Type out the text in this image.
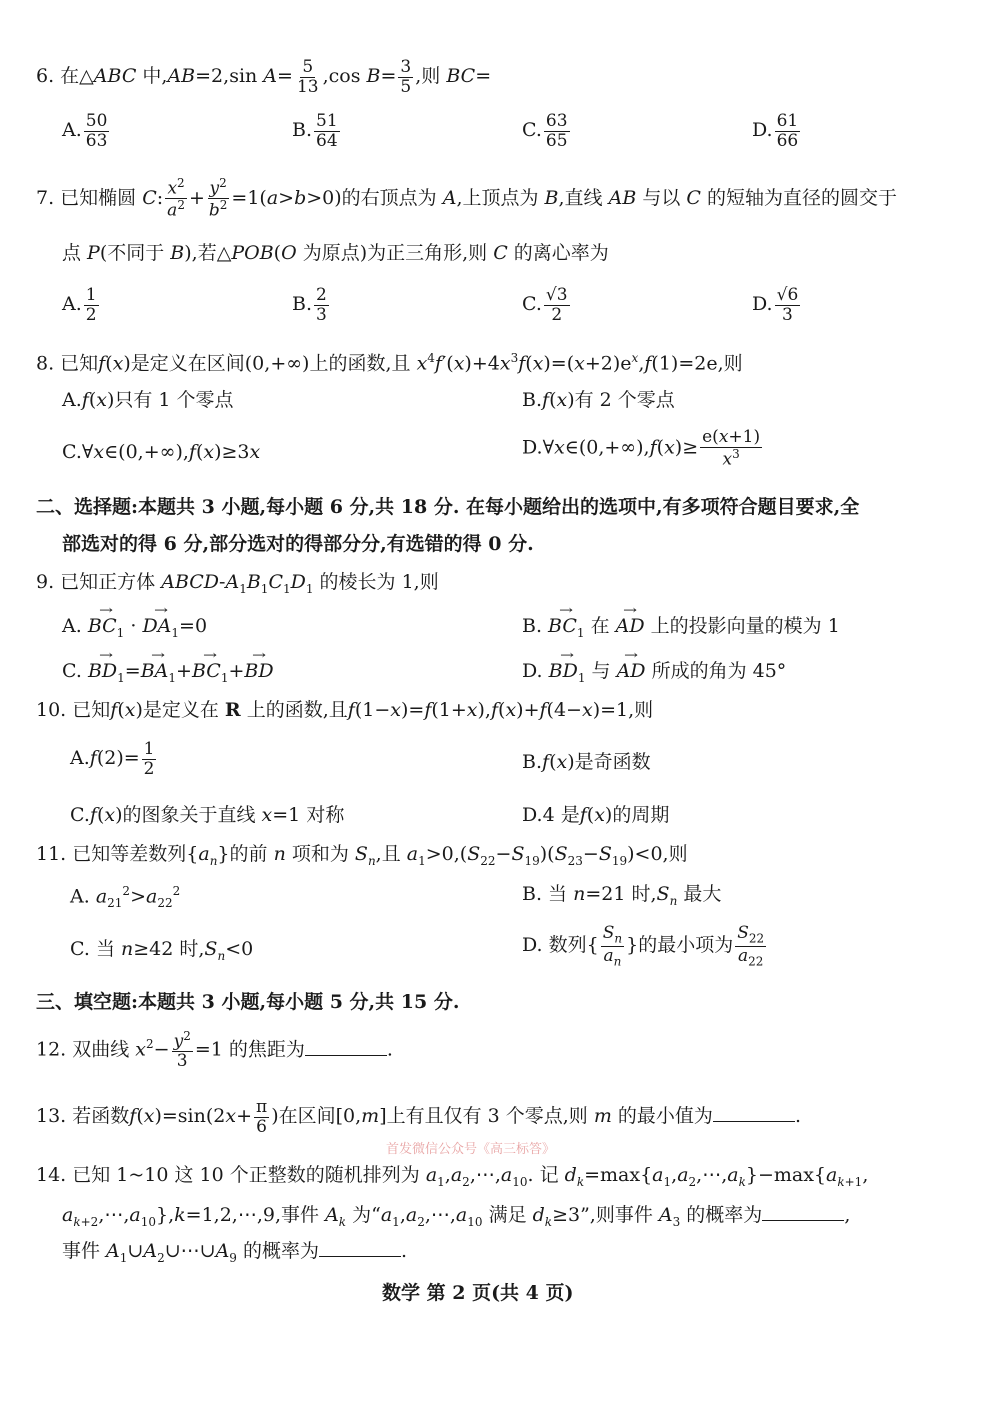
6. 在△ABC 中,AB=2,sin $A= \frac{5}{13} ,\cos$ $B= \frac{3}{5}$ ,则 BC=
A. $\frac{50}{63}$	B. $\frac{51}{64}$	C. $\frac{63}{65}$	D. $\frac{61}{66}$
7. 已知椭圆 C: $\frac{x^2}{a^2} + \frac{y^2}{b^2} =1(a>b>0)$的右顶点为 A,上顶点为 B,直线 AB 与以 C 的短轴为直径的圆交于
点 P(不同于 B),若△POB(O 为原点)为正三角形,则 C 的离心率为
A. $\frac{1}{2}$	B. $\frac{2}{3}$	C. $\frac{√3}{2}$	D. $\frac{√6}{3}$
8. 已知f(x)是定义在区间(0,+∞)上的函数,且 $x^4f'(x)+4x^3f(x)=(x+2)e^x,f(1)=2e$,则
A.f(x)只有 1 个零点	B.f(x)有 2 个零点
C.∀x∈(0,+∞),f(x)≥3x	D.∀x∈(0,+∞),f(x)≥ $\frac{e(x+1)}{x^3}$
二、选择题:本题共 3 小题,每小题 6 分,共 18 分. 在每小题给出的选项中,有多项符合题目要求,全
部选对的得 6 分,部分选对的得部分分,有选错的得 0 分.
9. 已知正方体 ABCD-$A_1B_1C_1D_1$ 的棱长为 1,则
A. → $BC_1$ · → $DA_1=0$	B. → $BC_1$ 在 → AD 上的投影向量的模为 1
C. → $BD_1=\to BA_1+\to BC_1+\to$ BD	D. → $BD_1$ 与 → AD 所成的角为 45°
10. 已知f(x)是定义在 R 上的函数,且f(1−x)=f(1+x),f(x)+f(4−x)=1,则
$A.f(2)= \frac{1}{2}$	B.f(x)是奇函数
C.f(x)的图象关于直线 x=1 对称	D.4 是f(x)的周期
11. 已知等差数列$\{a_n\}$的前 n 项和为 $S_n$,且 $a_1>0,(S_{22}-S_{19})(S_{23}-S_{19})<0$,则
A. $a_{21}^2>a_{22}^2$	B. 当 n=21 时$,S_n$ 最大
C. 当 n≥42 时$,S_n<0$	D. 数列{ $\frac{S_n}{a_n}$ }的最小项为 $\frac{S_{22}}{a_{22}}$
三、填空题:本题共 3 小题,每小题 5 分,共 15 分.
12. 双曲线 $x^2- \frac{y^2}{3} =1$ 的焦距为	.
13. 若函数$f(x)=\sin(2x+ \frac{\pi}{6}$ )在区间[0,m]上有且仅有 3 个零点,则 m 的最小值为	.
首发微信公众号《高三标答》
14. 已知 1~10 这 10 个正整数的随机排列为 $a_1,a_2,\cdots,a_{10}$. 记 $d_k=\max\{a_1,a_2,\cdots,a_k\}-\max\{a_{k+1}$,
$a_{k+2},\cdots,a_{10}\},k=1,2,\cdots,9$,事件 $A_k$ 为“$a_1,a_2,\cdots,a_{10}$ 满足 $d_k\ge 3$”,则事件 $A_3$ 的概率为	,
事件 $A_1\cup A_2\cup\cdots\cup A_9$ 的概率为	.
数学 第 2 页(共 4 页)
